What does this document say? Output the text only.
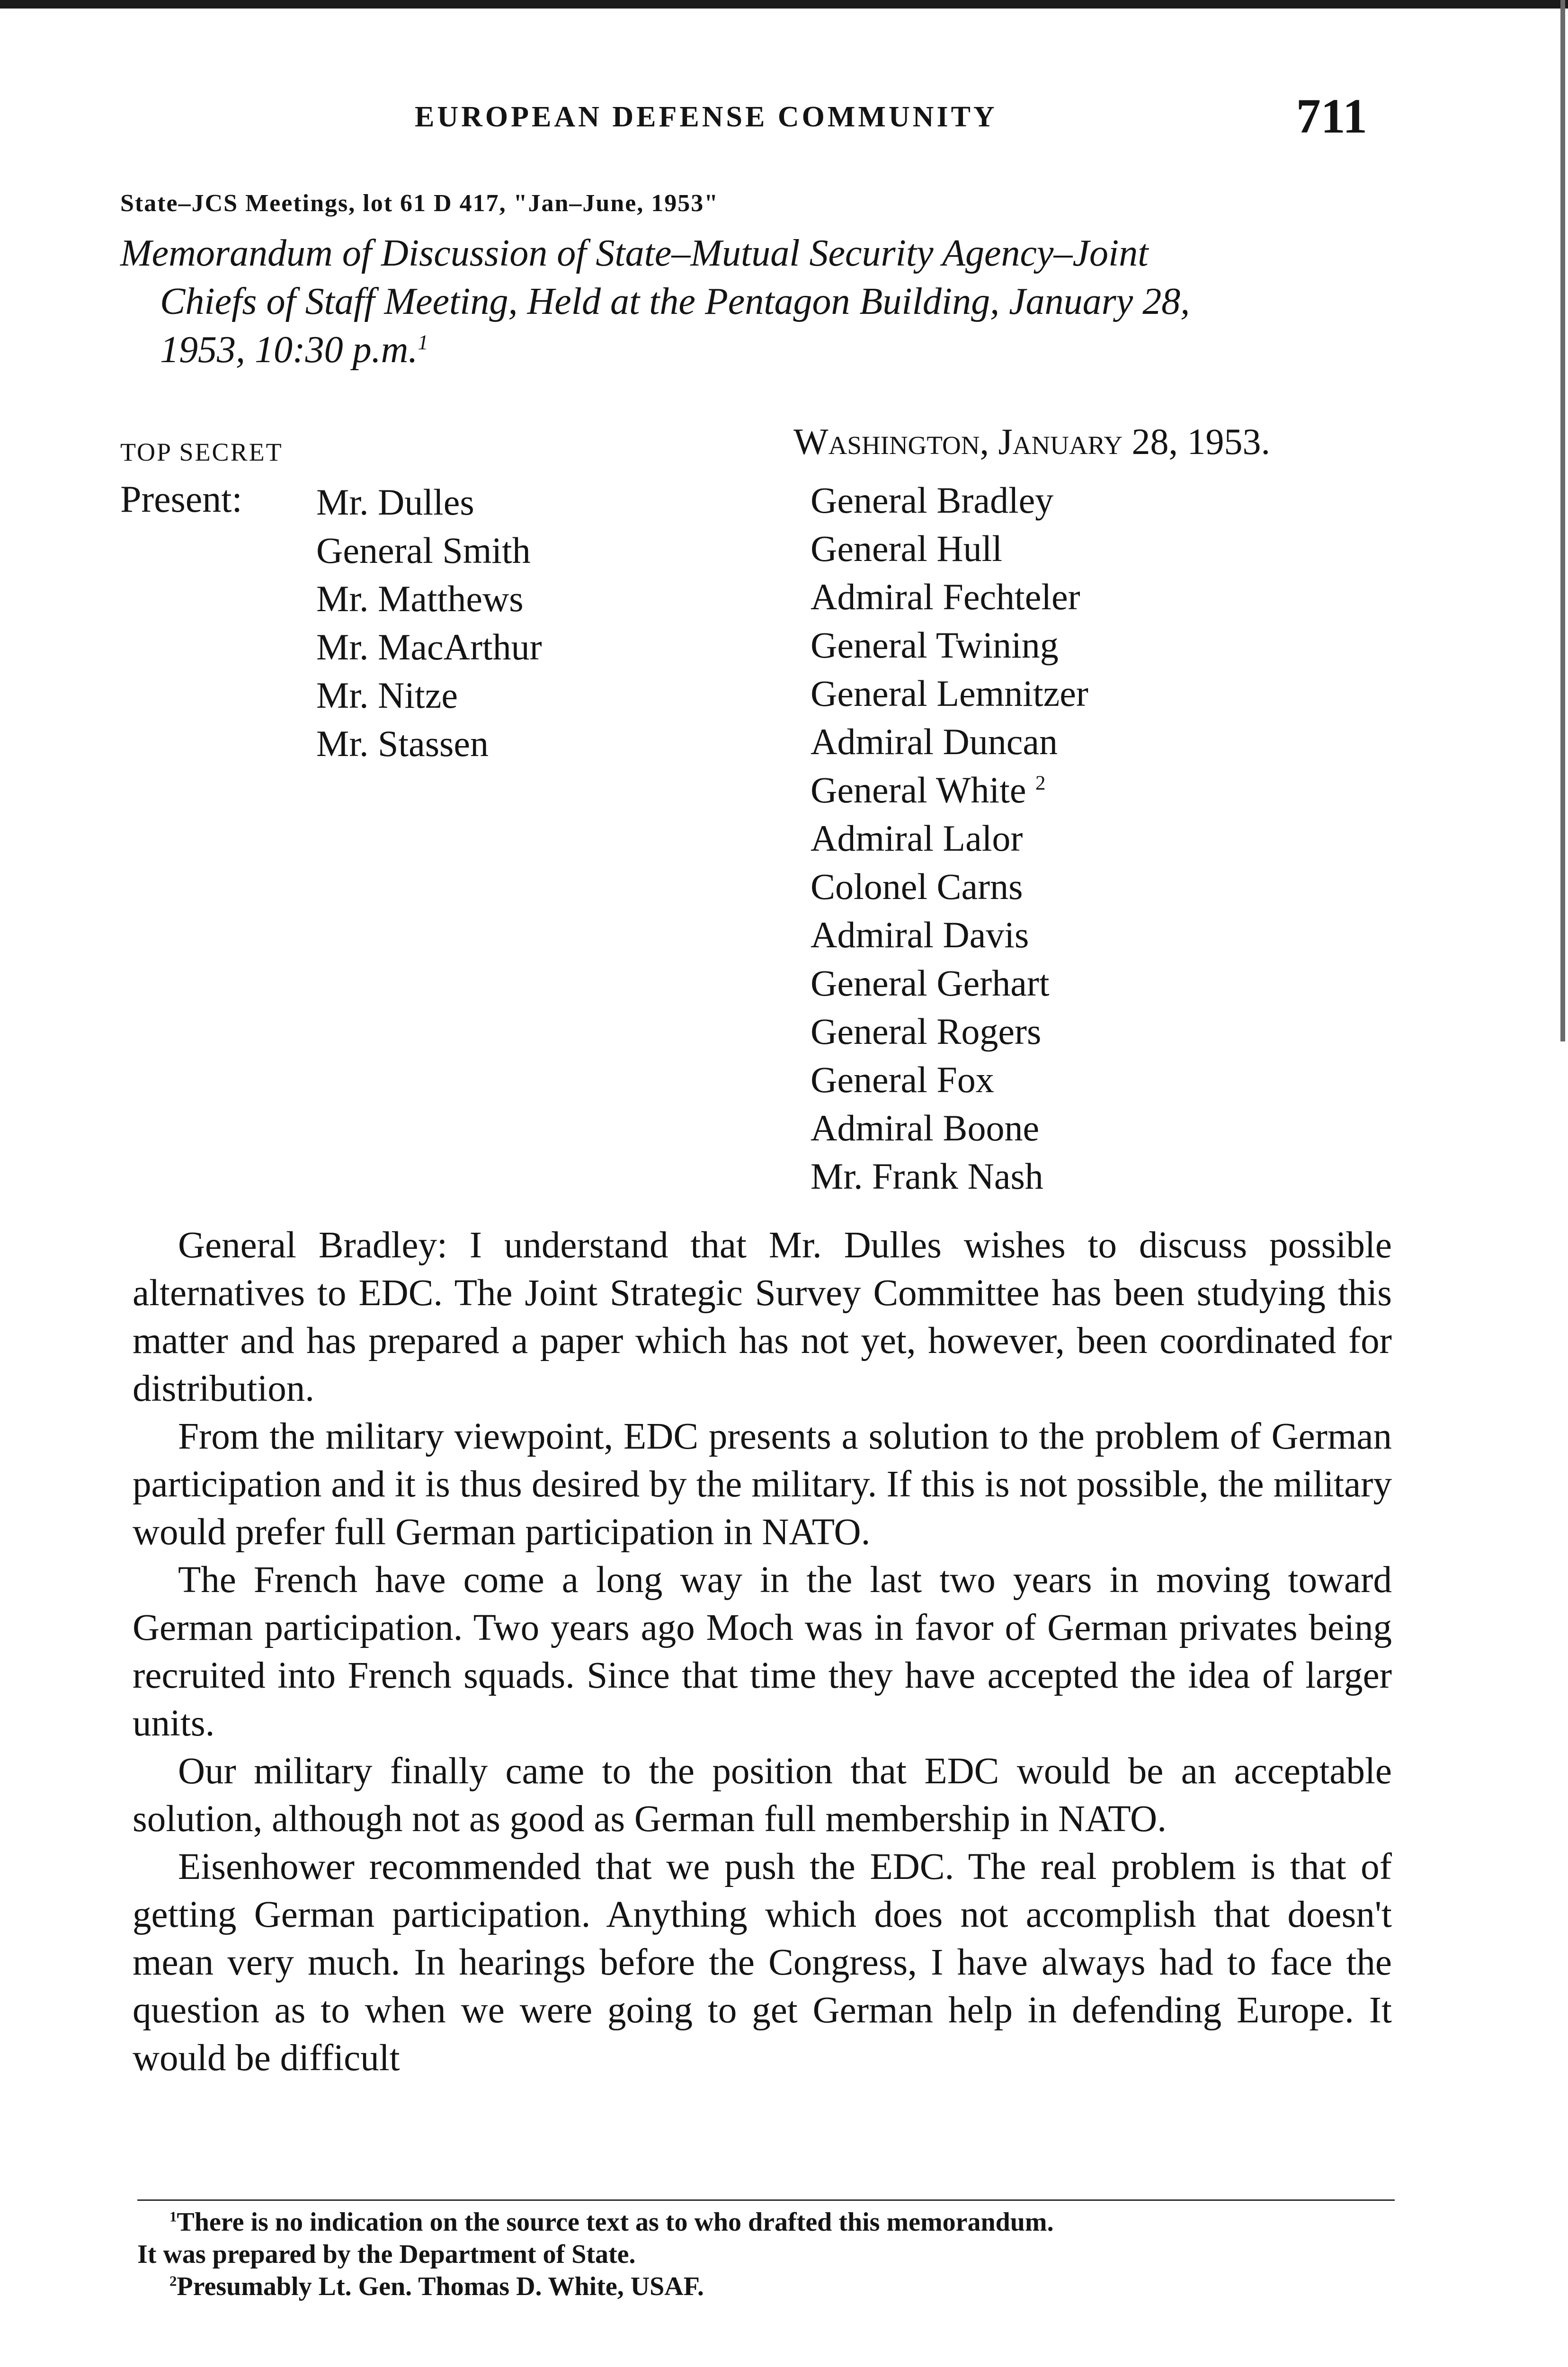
EUROPEAN DEFENSE COMMUNITY	711
State–JCS Meetings, lot 61 D 417, "Jan–June, 1953"
Memorandum of Discussion of State–Mutual Security Agency–Joint
Chiefs of Staff Meeting, Held at the Pentagon Building, January 28,
1953, 10:30 p.m.$^1$
TOP SECRET	Washington, January 28, 1953.
Present: Mr. Dulles
General Smith
Mr. Matthews
Mr. MacArthur
Mr. Nitze
Mr. Stassen
General Bradley
General Hull
Admiral Fechteler
General Twining
General Lemnitzer
Admiral Duncan
General White $^2$
Admiral Lalor
Colonel Carns
Admiral Davis
General Gerhart
General Rogers
General Fox
Admiral Boone
Mr. Frank Nash

General Bradley: I understand that Mr. Dulles wishes to discuss possible alternatives to EDC. The Joint Strategic Survey Committee has been studying this matter and has prepared a paper which has not yet, however, been coordinated for distribution.

From the military viewpoint, EDC presents a solution to the problem of German participation and it is thus desired by the military. If this is not possible, the military would prefer full German participation in NATO.

The French have come a long way in the last two years in moving toward German participation. Two years ago Moch was in favor of German privates being recruited into French squads. Since that time they have accepted the idea of larger units.

Our military finally came to the position that EDC would be an acceptable solution, although not as good as German full membership in NATO.

Eisenhower recommended that we push the EDC. The real problem is that of getting German participation. Anything which does not accomplish that doesn't mean very much. In hearings before the Congress, I have always had to face the question as to when we were going to get German help in defending Europe. It would be difficult

$^1$There is no indication on the source text as to who drafted this memorandum.

It was prepared by the Department of State.

$^2$Presumably Lt. Gen. Thomas D. White, USAF.
